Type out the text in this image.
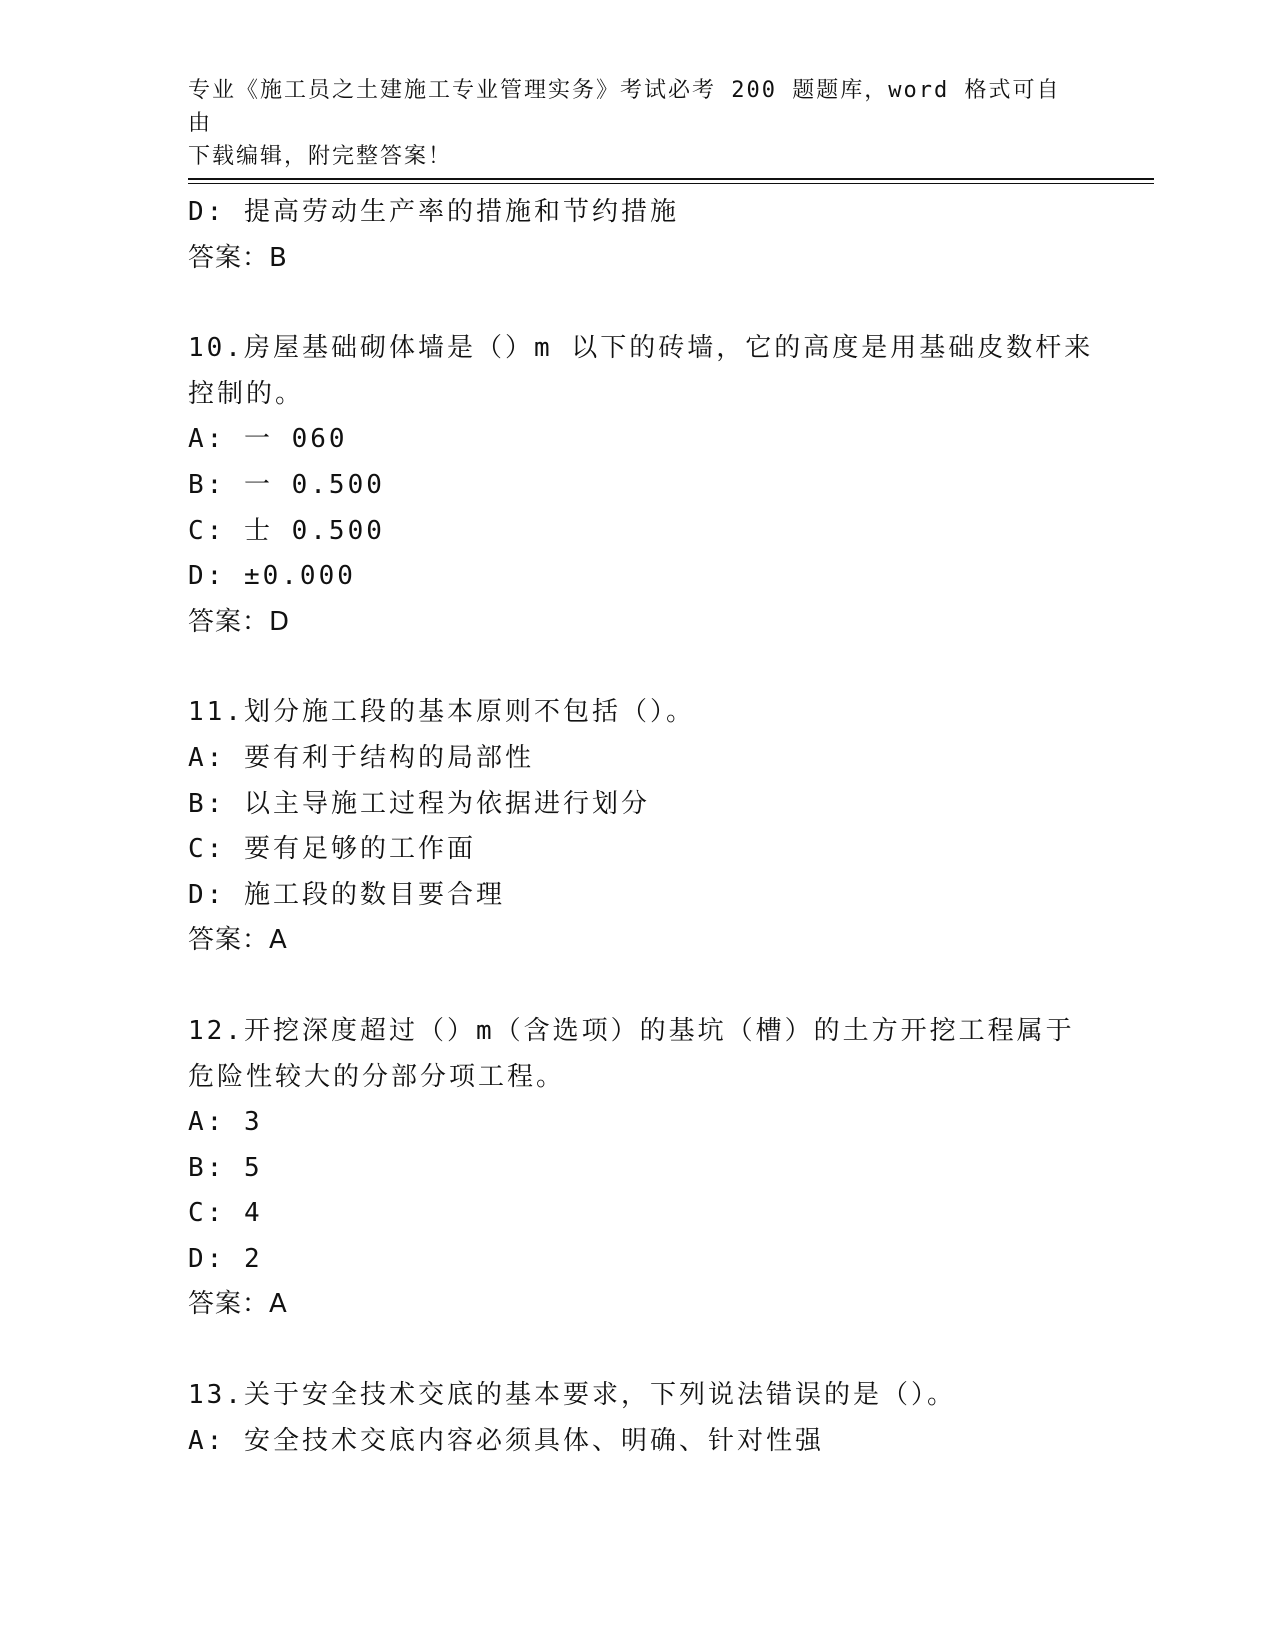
专业《施工员之土建施工专业管理实务》考试必考 200 题题库，word 格式可自由
下载编辑，附完整答案！
D: 提高劳动生产率的措施和节约措施
答案：B
10.房屋基础砌体墙是（）m 以下的砖墙，它的高度是用基础皮数杆来
控制的。
A: 一 060
B: 一 0.500
C: 士 0.500
D: ±0.000
答案：D
11.划分施工段的基本原则不包括（）。
A: 要有利于结构的局部性
B: 以主导施工过程为依据进行划分
C: 要有足够的工作面
D: 施工段的数目要合理
答案：A
12.开挖深度超过（）m（含选项）的基坑（槽）的土方开挖工程属于
危险性较大的分部分项工程。
A: 3
B: 5
C: 4
D: 2
答案：A
13.关于安全技术交底的基本要求，下列说法错误的是（）。
A: 安全技术交底内容必须具体、明确、针对性强
